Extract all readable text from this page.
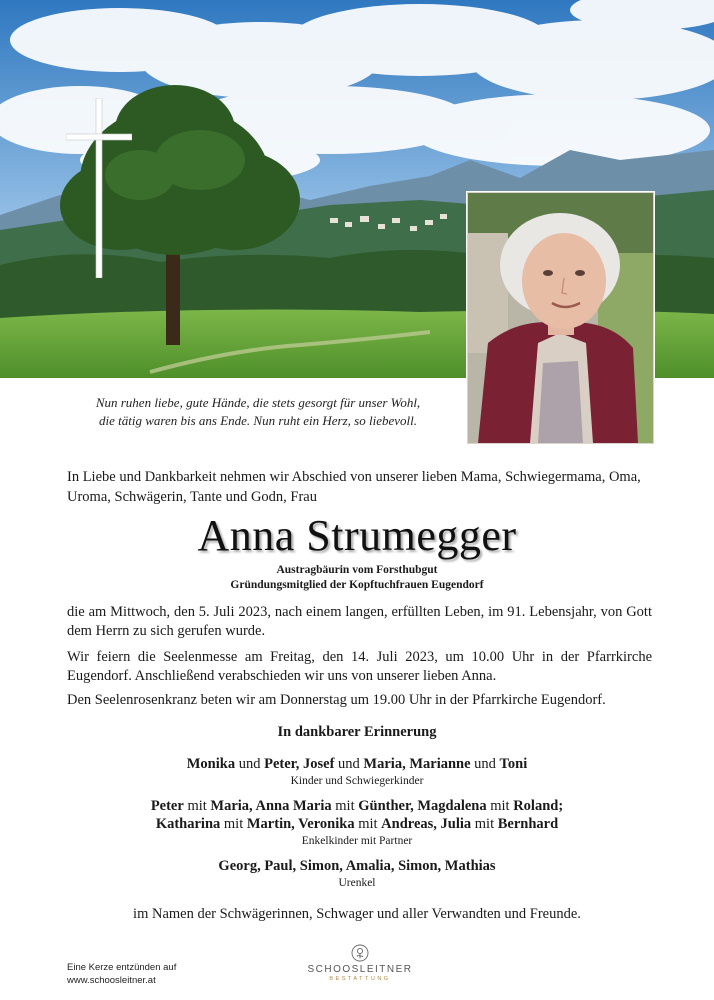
Nun ruhen liebe, gute Hände, die stets gesorgt für unser Wohl,
die tätig waren bis ans Ende. Nun ruht ein Herz, so liebevoll.
In Liebe und Dankbarkeit nehmen wir Abschied von unserer lieben Mama, Schwiegermama, Oma, Uroma, Schwägerin, Tante und Godn, Frau
Anna Strumegger
Austragbäurin vom Forsthubgut
Gründungsmitglied der Kopftuchfrauen Eugendorf
die am Mittwoch, den 5. Juli 2023, nach einem langen, erfüllten Leben, im 91. Lebensjahr, von Gott dem Herrn zu sich gerufen wurde.
Wir feiern die Seelenmesse am Freitag, den 14. Juli 2023, um 10.00 Uhr in der Pfarrkirche Eugendorf. Anschließend verabschieden wir uns von unserer lieben Anna.
Den Seelenrosenkranz beten wir am Donnerstag um 19.00 Uhr in der Pfarrkirche Eugendorf.
In dankbarer Erinnerung
Monika und Peter, Josef und Maria, Marianne und Toni
Kinder und Schwiegerkinder
Peter mit Maria, Anna Maria mit Günther, Magdalena mit Roland;
Katharina mit Martin, Veronika mit Andreas, Julia mit Bernhard
Enkelkinder mit Partner
Georg, Paul, Simon, Amalia, Simon, Mathias
Urenkel
im Namen der Schwägerinnen, Schwager und aller Verwandten und Freunde.
Eine Kerze entzünden auf
www.schoosleitner.at
SCHOOSLEITNER
BESTATTUNG
